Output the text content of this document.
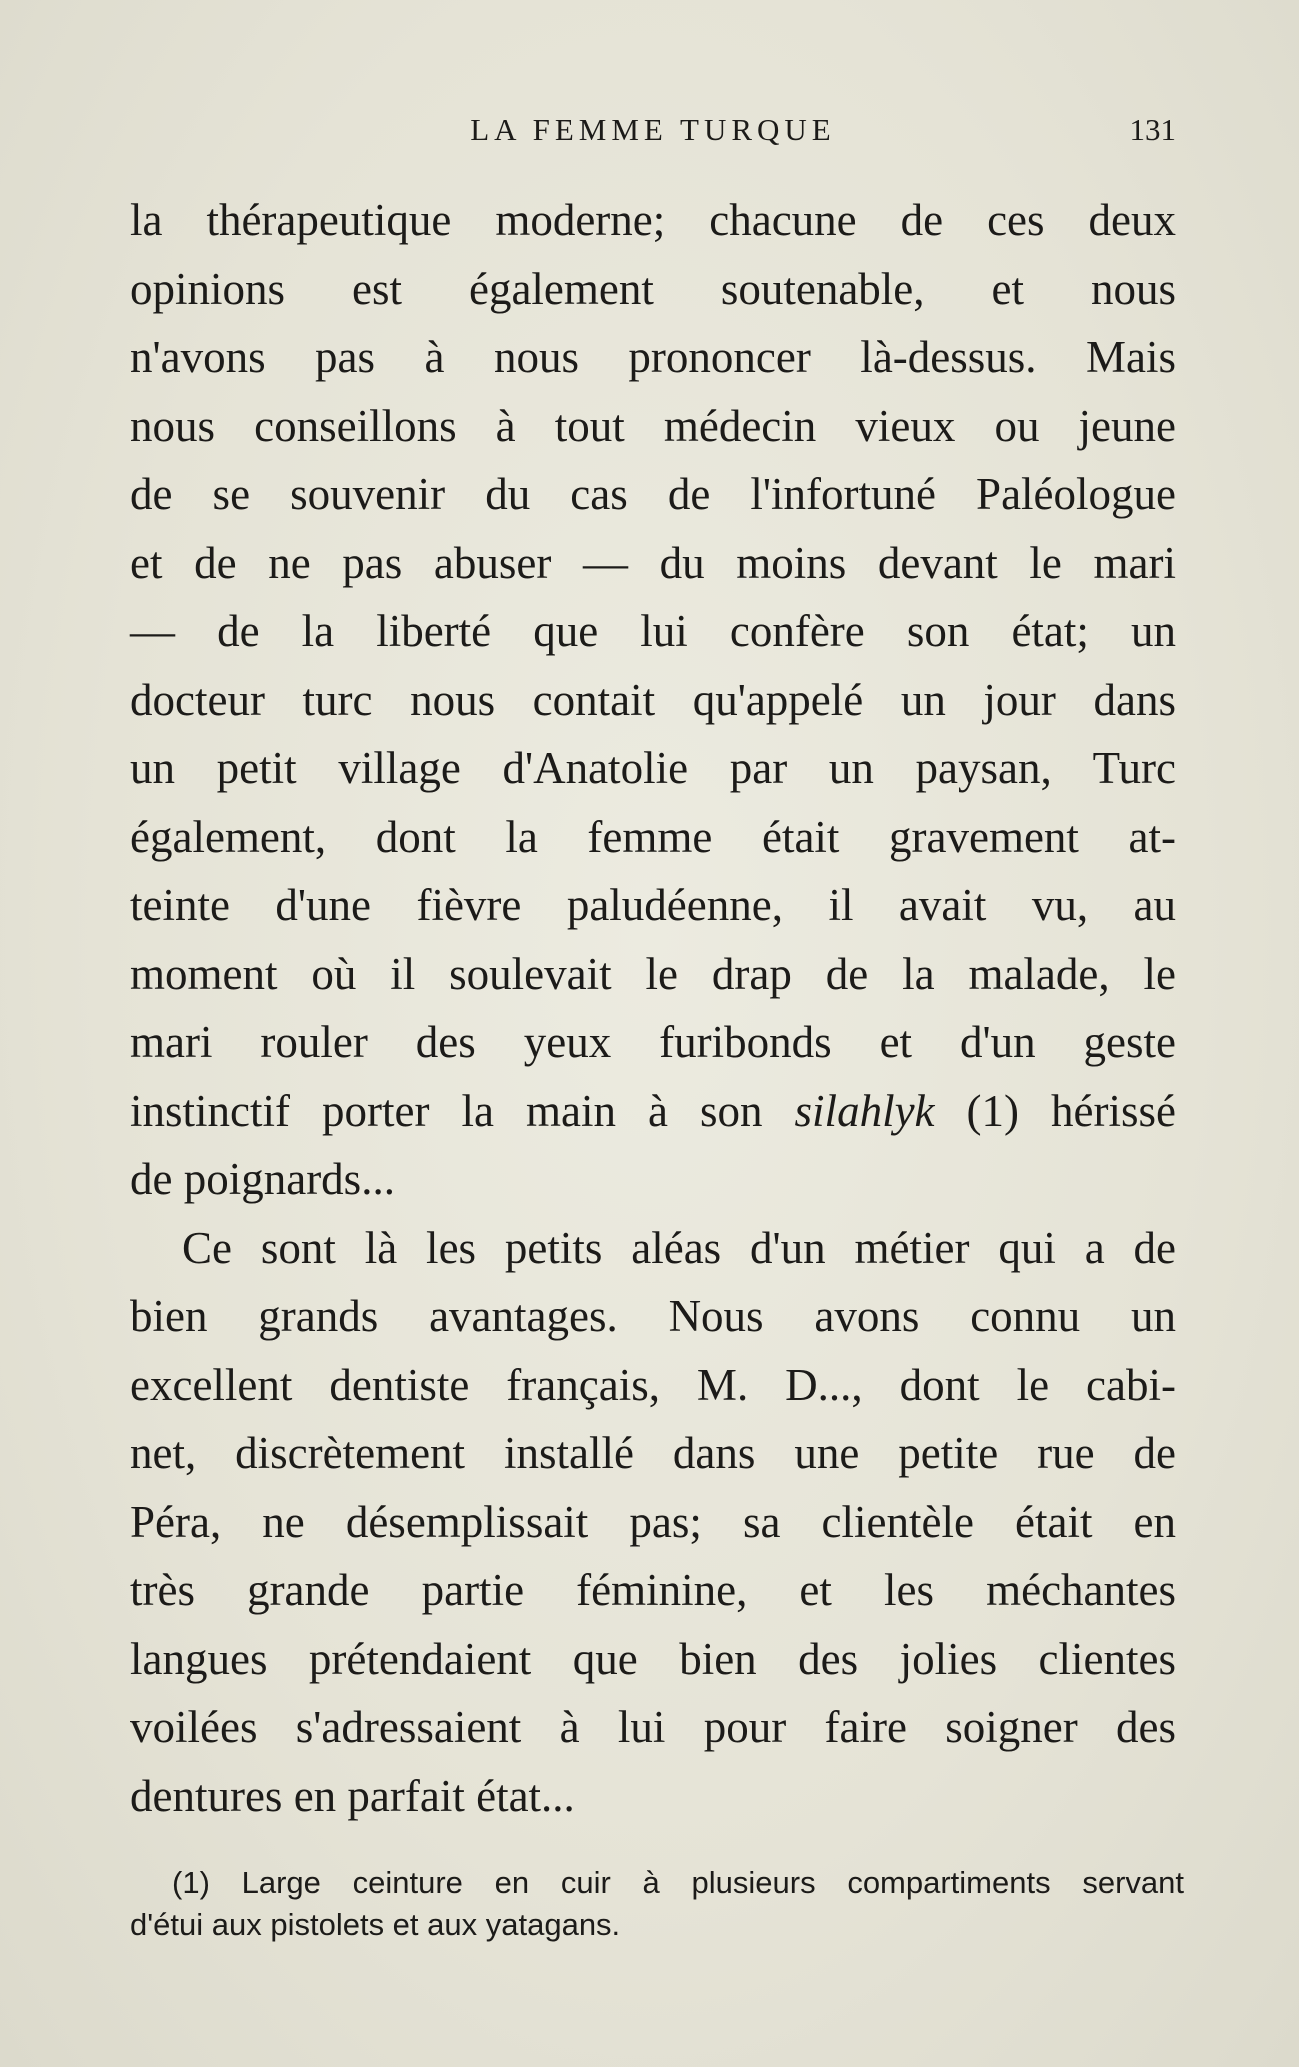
LA FEMME TURQUE	131
la thérapeutique moderne; chacune de ces deux
opinions est également soutenable, et nous
n'avons pas à nous prononcer là-dessus. Mais
nous conseillons à tout médecin vieux ou jeune
de se souvenir du cas de l'infortuné Paléologue
et de ne pas abuser — du moins devant le mari
— de la liberté que lui confère son état; un
docteur turc nous contait qu'appelé un jour dans
un petit village d'Anatolie par un paysan, Turc
également, dont la femme était gravement at-
teinte d'une fièvre paludéenne, il avait vu, au
moment où il soulevait le drap de la malade, le
mari rouler des yeux furibonds et d'un geste
instinctif porter la main à son silahlyk (1) hérissé
de poignards...
Ce sont là les petits aléas d'un métier qui a de
bien grands avantages. Nous avons connu un
excellent dentiste français, M. D..., dont le cabi-
net, discrètement installé dans une petite rue de
Péra, ne désemplissait pas; sa clientèle était en
très grande partie féminine, et les méchantes
langues prétendaient que bien des jolies clientes
voilées s'adressaient à lui pour faire soigner des
dentures en parfait état...
(1) Large ceinture en cuir à plusieurs compartiments servant
d'étui aux pistolets et aux yatagans.
